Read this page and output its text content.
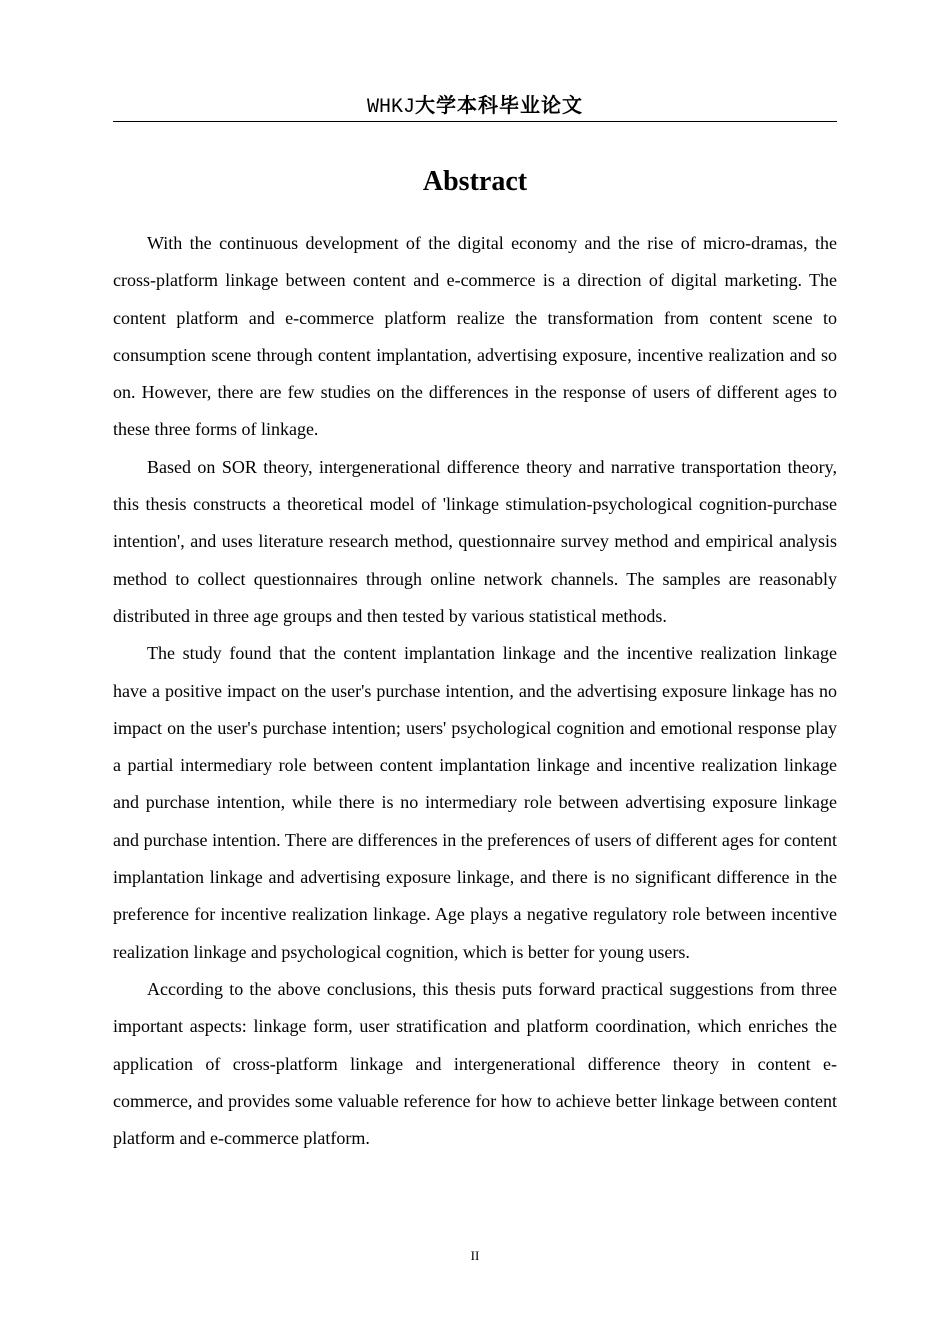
WHKJ大学本科毕业论文
Abstract

With the continuous development of the digital economy and the rise of micro-dramas, the cross-platform linkage between content and e-commerce is a direction of digital marketing. The content platform and e-commerce platform realize the transformation from content scene to consumption scene through content implantation, advertising exposure, incentive realization and so on. However, there are few studies on the differences in the response of users of different ages to these three forms of linkage.

Based on SOR theory, intergenerational difference theory and narrative transportation theory, this thesis constructs a theoretical model of 'linkage stimulation-psychological cognition-purchase intention', and uses literature research method, questionnaire survey method and empirical analysis method to collect questionnaires through online network channels. The samples are reasonably distributed in three age groups and then tested by various statistical methods.

The study found that the content implantation linkage and the incentive realization linkage have a positive impact on the user's purchase intention, and the advertising exposure linkage has no impact on the user's purchase intention; users' psychological cognition and emotional response play a partial intermediary role between content implantation linkage and incentive realization linkage and purchase intention, while there is no intermediary role between advertising exposure linkage and purchase intention. There are differences in the preferences of users of different ages for content implantation linkage and advertising exposure linkage, and there is no significant difference in the preference for incentive realization linkage. Age plays a negative regulatory role between incentive realization linkage and psychological cognition, which is better for young users.

According to the above conclusions, this thesis puts forward practical suggestions from three important aspects: linkage form, user stratification and platform coordination, which enriches the application of cross-platform linkage and intergenerational difference theory in content e-commerce, and provides some valuable reference for how to achieve better linkage between content platform and e-commerce platform.

II
